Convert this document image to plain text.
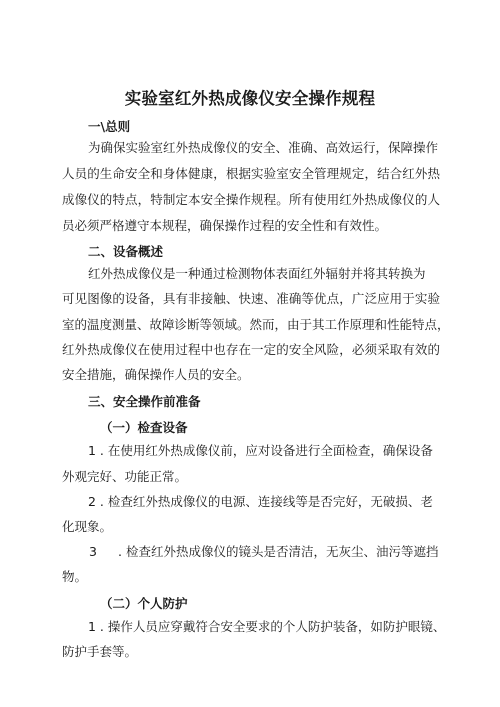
实验室红外热成像仪安全操作规程
一\总则
为确保实验室红外热成像仪的安全、准确、高效运行，保障操作
人员的生命安全和身体健康，根据实验室安全管理规定，结合红外热
成像仪的特点，特制定本安全操作规程。所有使用红外热成像仪的人
员必须严格遵守本规程，确保操作过程的安全性和有效性。
二、设备概述
红外热成像仪是一种通过检测物体表面红外辐射并将其转换为
可见图像的设备，具有非接触、快速、准确等优点，广泛应用于实验
室的温度测量、故障诊断等领域。然而，由于其工作原理和性能特点，
红外热成像仪在使用过程中也存在一定的安全风险，必须采取有效的
安全措施，确保操作人员的安全。
三、安全操作前准备
（一）检查设备
1 . 在使用红外热成像仪前，应对设备进行全面检查，确保设备
外观完好、功能正常。
2 . 检查红外热成像仪的电源、连接线等是否完好，无破损、老
化现象。
3 . 检查红外热成像仪的镜头是否清洁，无灰尘、油污等遮挡
物。
（二）个人防护
1 . 操作人员应穿戴符合安全要求的个人防护装备，如防护眼镜、
防护手套等。
